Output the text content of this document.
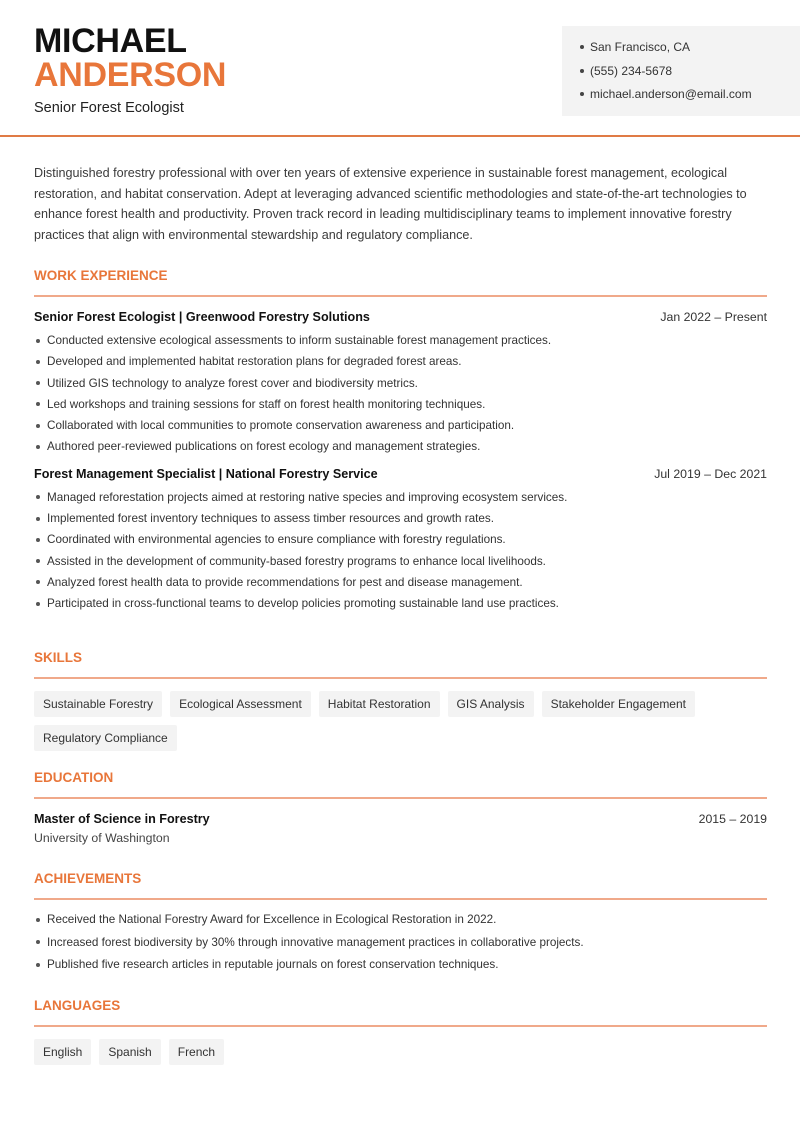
MICHAEL
ANDERSON
Senior Forest Ecologist
San Francisco, CA
(555) 234-5678
michael.anderson@email.com

Distinguished forestry professional with over ten years of extensive experience in sustainable forest management, ecological restoration, and habitat conservation. Adept at leveraging advanced scientific methodologies and state-of-the-art technologies to enhance forest health and productivity. Proven track record in leading multidisciplinary teams to implement innovative forestry practices that align with environmental stewardship and regulatory compliance.

WORK EXPERIENCE
Senior Forest Ecologist | Greenwood Forestry Solutions	Jan 2022 – Present
Conducted extensive ecological assessments to inform sustainable forest management practices.
Developed and implemented habitat restoration plans for degraded forest areas.
Utilized GIS technology to analyze forest cover and biodiversity metrics.
Led workshops and training sessions for staff on forest health monitoring techniques.
Collaborated with local communities to promote conservation awareness and participation.
Authored peer-reviewed publications on forest ecology and management strategies.
Forest Management Specialist | National Forestry Service	Jul 2019 – Dec 2021
Managed reforestation projects aimed at restoring native species and improving ecosystem services.
Implemented forest inventory techniques to assess timber resources and growth rates.
Coordinated with environmental agencies to ensure compliance with forestry regulations.
Assisted in the development of community-based forestry programs to enhance local livelihoods.
Analyzed forest health data to provide recommendations for pest and disease management.
Participated in cross-functional teams to develop policies promoting sustainable land use practices.
SKILLS
Sustainable Forestry	Ecological Assessment	Habitat Restoration	GIS Analysis	Stakeholder Engagement
Regulatory Compliance
EDUCATION
Master of Science in Forestry	2015 – 2019
University of Washington
ACHIEVEMENTS
Received the National Forestry Award for Excellence in Ecological Restoration in 2022.
Increased forest biodiversity by 30% through innovative management practices in collaborative projects.
Published five research articles in reputable journals on forest conservation techniques.
LANGUAGES
English	Spanish	French
